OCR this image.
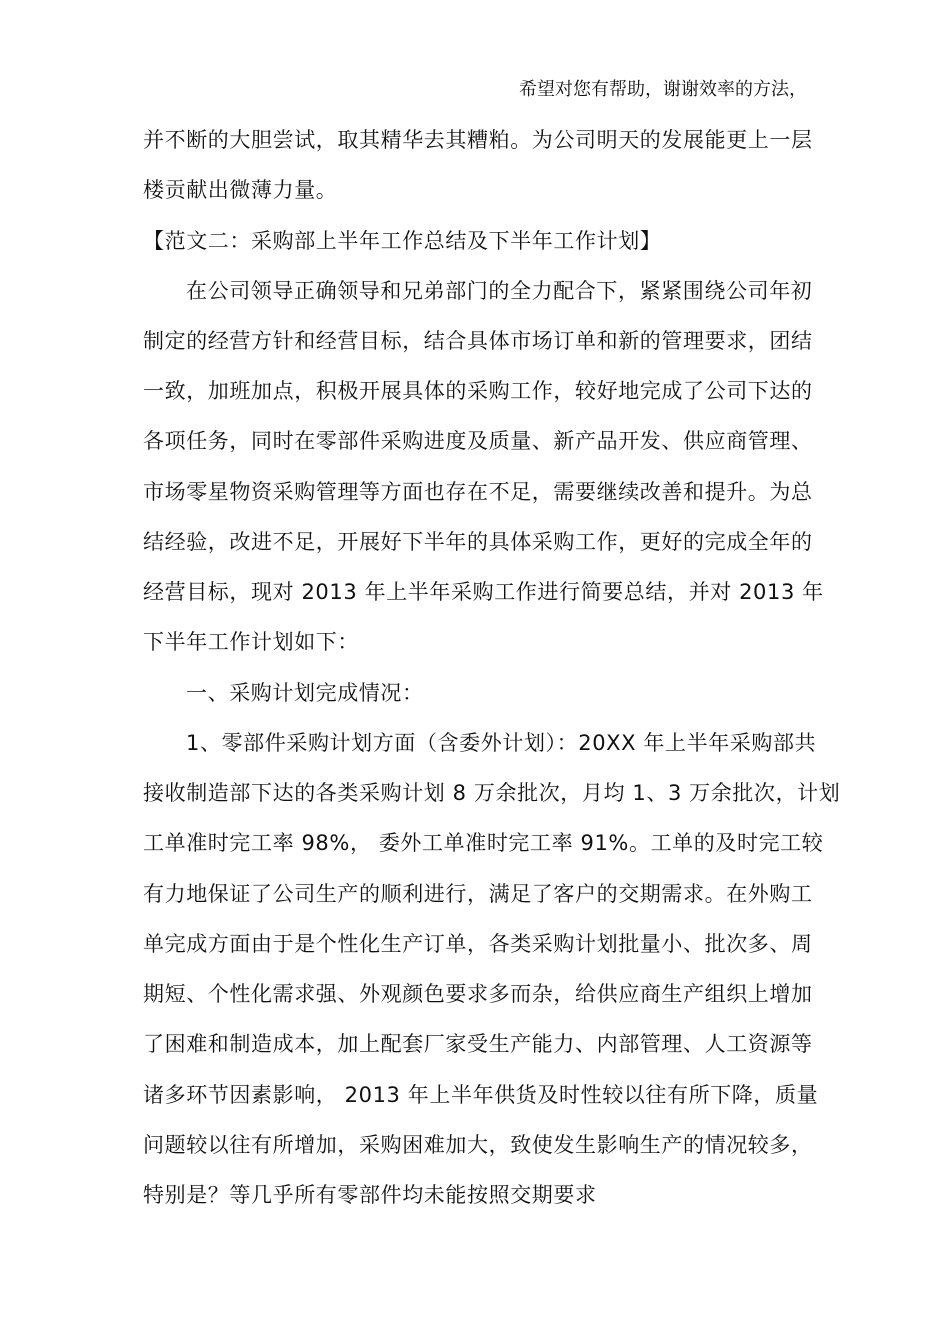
希望对您有帮助，谢谢效率的方法，
并不断的大胆尝试，取其精华去其糟粕。为公司明天的发展能更上一层
楼贡献出微薄力量。
【范文二：采购部上半年工作总结及下半年工作计划】
在公司领导正确领导和兄弟部门的全力配合下，紧紧围绕公司年初
制定的经营方针和经营目标，结合具体市场订单和新的管理要求，团结
一致，加班加点，积极开展具体的采购工作，较好地完成了公司下达的
各项任务，同时在零部件采购进度及质量、新产品开发、供应商管理、
市场零星物资采购管理等方面也存在不足，需要继续改善和提升。为总
结经验，改进不足，开展好下半年的具体采购工作，更好的完成全年的
经营目标，现对 2013 年上半年采购工作进行简要总结，并对 2013 年
下半年工作计划如下：
一、采购计划完成情况：
1、零部件采购计划方面（含委外计划）：20XX 年上半年采购部共
接收制造部下达的各类采购计划 8 万余批次，月均 1、3 万余批次，计划
工单准时完工率 98%， 委外工单准时完工率 91%。工单的及时完工较
有力地保证了公司生产的顺利进行，满足了客户的交期需求。在外购工
单完成方面由于是个性化生产订单，各类采购计划批量小、批次多、周
期短、个性化需求强、外观颜色要求多而杂，给供应商生产组织上增加
了困难和制造成本，加上配套厂家受生产能力、内部管理、人工资源等
诸多环节因素影响， 2013 年上半年供货及时性较以往有所下降，质量
问题较以往有所增加，采购困难加大，致使发生影响生产的情况较多，
特别是？等几乎所有零部件均未能按照交期要求
